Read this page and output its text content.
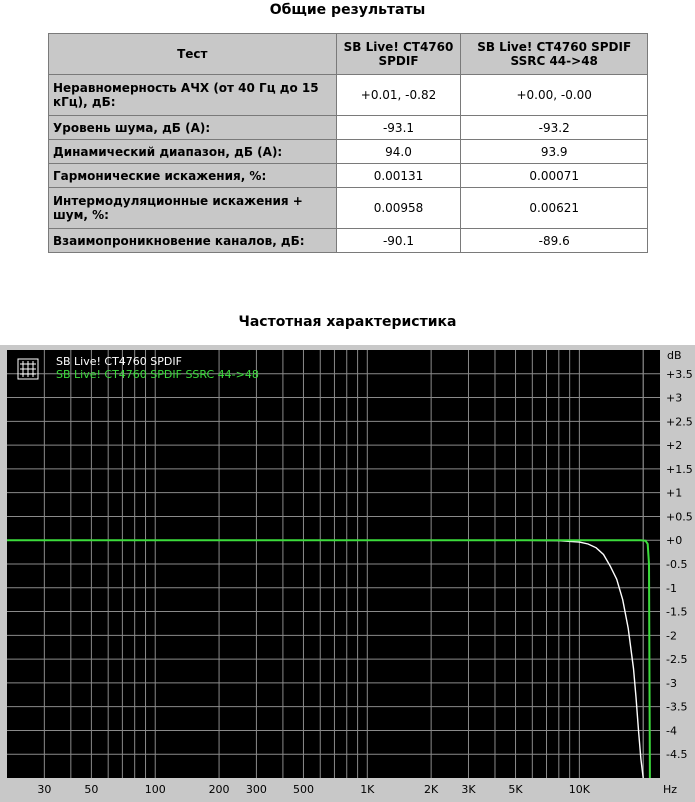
Общие результаты
Тест	SB Live! CT4760 SPDIF	SB Live! CT4760 SPDIF SSRC 44->48
Неравномерность АЧХ (от 40 Гц до 15 кГц), дБ:	+0.01, -0.82	+0.00, -0.00
Уровень шума, дБ (А):	-93.1	-93.2
Динамический диапазон, дБ (А):	94.0	93.9
Гармонические искажения, %:	0.00131	0.00071
Интермодуляционные искажения + шум, %:	0.00958	0.00621
Взаимопроникновение каналов, дБ:	-90.1	-89.6
Частотная характеристика
30	50	100	200 300 500	1K	2K 3K	5K	10K	Hz
+3.5
+3
+2.5
+2
+1.5
+1
+0.5
+0
-0.5
-1
-1.5
-2
-2.5
-3
-3.5
-4
-4.5
dB
SB Live! CT4760 SPDIF
SB Live! CT4760 SPDIF SSRC 44->48
